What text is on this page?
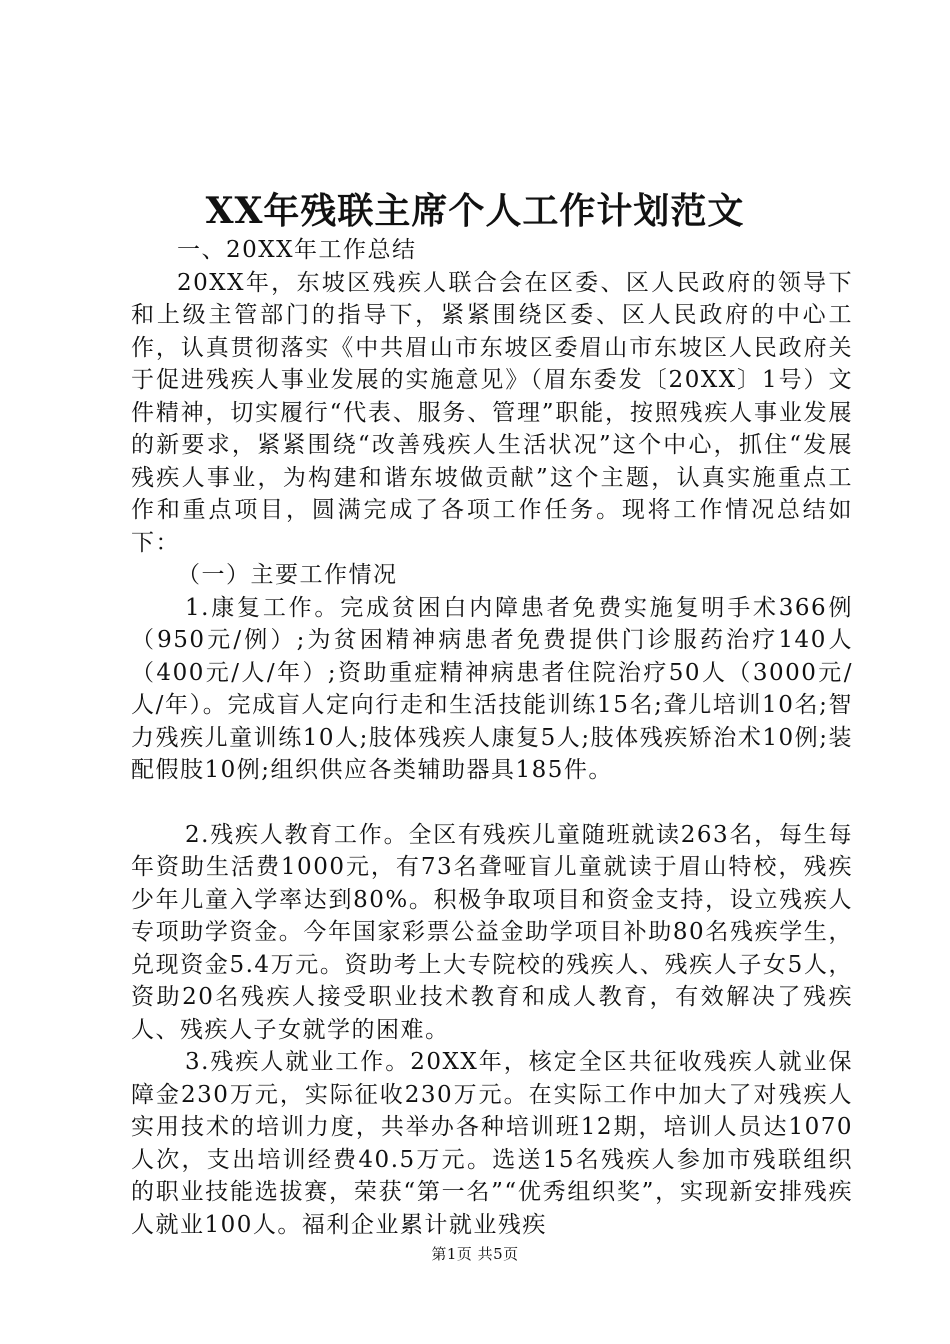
XX年残联主席个人工作计划范文

一、20XX年工作总结

20XX年，东坡区残疾人联合会在区委、区人民政府的领导下和上级主管部门的指导下，紧紧围绕区委、区人民政府的中心工作，认真贯彻落实《中共眉山市东坡区委眉山市东坡区人民政府关于促进残疾人事业发展的实施意见》（眉东委发〔20XX〕1号）文件精神，切实履行“代表、服务、管理”职能，按照残疾人事业发展的新要求，紧紧围绕“改善残疾人生活状况”这个中心，抓住“发展残疾人事业，为构建和谐东坡做贡献”这个主题，认真实施重点工作和重点项目，圆满完成了各项工作任务。现将工作情况总结如下：

（一）主要工作情况

1.康复工作。完成贫困白内障患者免费实施复明手术366例（950元/例）;为贫困精神病患者免费提供门诊服药治疗140人（400元/人/年）;资助重症精神病患者住院治疗50人（3000元/人/年）。完成盲人定向行走和生活技能训练15名;聋儿培训10名;智力残疾儿童训练10人;肢体残疾人康复5人;肢体残疾矫治术10例;装配假肢10例;组织供应各类辅助器具185件。

2.残疾人教育工作。全区有残疾儿童随班就读263名，每生每年资助生活费1000元，有73名聋哑盲儿童就读于眉山特校，残疾少年儿童入学率达到80%。积极争取项目和资金支持，设立残疾人专项助学资金。今年国家彩票公益金助学项目补助80名残疾学生，兑现资金5.4万元。资助考上大专院校的残疾人、残疾人子女5人，资助20名残疾人接受职业技术教育和成人教育，有效解决了残疾人、残疾人子女就学的困难。

3.残疾人就业工作。20XX年，核定全区共征收残疾人就业保障金230万元，实际征收230万元。在实际工作中加大了对残疾人实用技术的培训力度，共举办各种培训班12期，培训人员达1070人次，支出培训经费40.5万元。选送15名残疾人参加市残联组织的职业技能选拔赛，荣获“第一名”“优秀组织奖”，实现新安排残疾人就业100人。福利企业累计就业残疾

第1页 共5页
